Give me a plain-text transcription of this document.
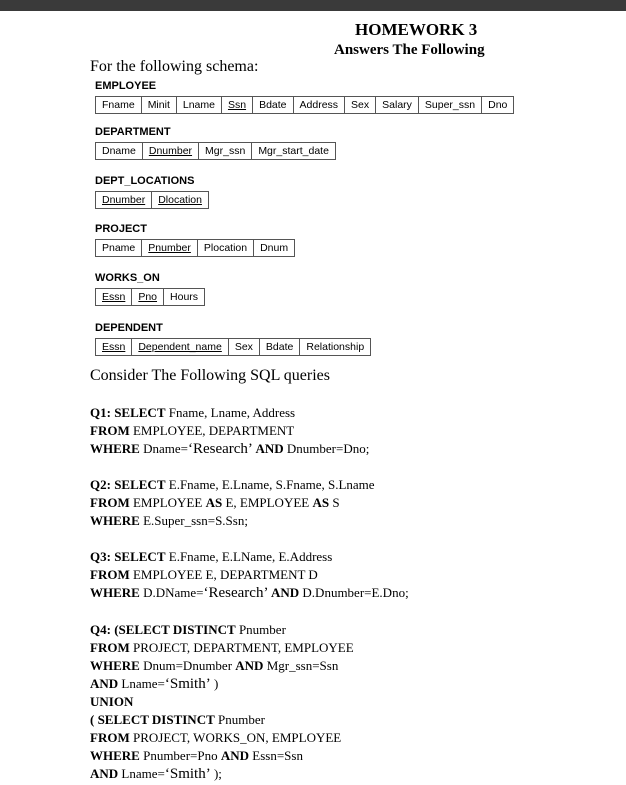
HOMEWORK 3
Answers The Following
For the following schema:
EMPLOYEE
Fname	Minit	Lname	Ssn	Bdate	Address	Sex	Salary	Super_ssn	Dno
DEPARTMENT
Dname	Dnumber	Mgr_ssn	Mgr_start_date
DEPT_LOCATIONS
Dnumber	Dlocation
PROJECT
Pname	Pnumber	Plocation	Dnum
WORKS_ON
Essn	Pno	Hours
DEPENDENT
Essn	Dependent_name	Sex	Bdate	Relationship
Consider The Following SQL queries
Q1: SELECT Fname, Lname, Address
FROM EMPLOYEE, DEPARTMENT
WHERE Dname=‘Research’ AND Dnumber=Dno;
Q2: SELECT E.Fname, E.Lname, S.Fname, S.Lname
FROM EMPLOYEE AS E, EMPLOYEE AS S
WHERE E.Super_ssn=S.Ssn;
Q3: SELECT E.Fname, E.LName, E.Address
FROM EMPLOYEE E, DEPARTMENT D
WHERE D.DName=‘Research’ AND D.Dnumber=E.Dno;
Q4: (SELECT DISTINCT Pnumber
FROM PROJECT, DEPARTMENT, EMPLOYEE
WHERE Dnum=Dnumber AND Mgr_ssn=Ssn
AND Lname=‘Smith’ )
UNION
( SELECT DISTINCT Pnumber
FROM PROJECT, WORKS_ON, EMPLOYEE
WHERE Pnumber=Pno AND Essn=Ssn
AND Lname=‘Smith’ );
